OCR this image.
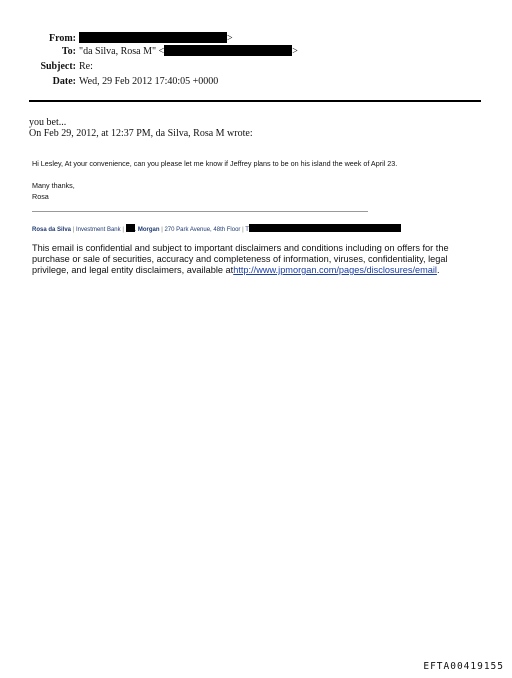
From:	>
To: "da Silva, Rosa M" <	>
Subject: Re:
Date: Wed, 29 Feb 2012 17:40:05 +0000
you bet...
On Feb 29, 2012, at 12:37 PM, da Silva, Rosa M wrote:
Hi Lesley, At your convenience, can you please let me know if Jeffrey plans to be on his island the week of April 23.
Many thanks,
Rosa
Rosa da Silva | Investment Bank | . Morgan | 270 Park Avenue, 48th Floor | T
This email is confidential and subject to important disclaimers and conditions including on offers for the purchase or sale of securities, accuracy and completeness of information, viruses, confidentiality, legal privilege, and legal entity disclaimers, available athttp://www.jpmorgan.com/pages/disclosures/email.
EFTA00419155
